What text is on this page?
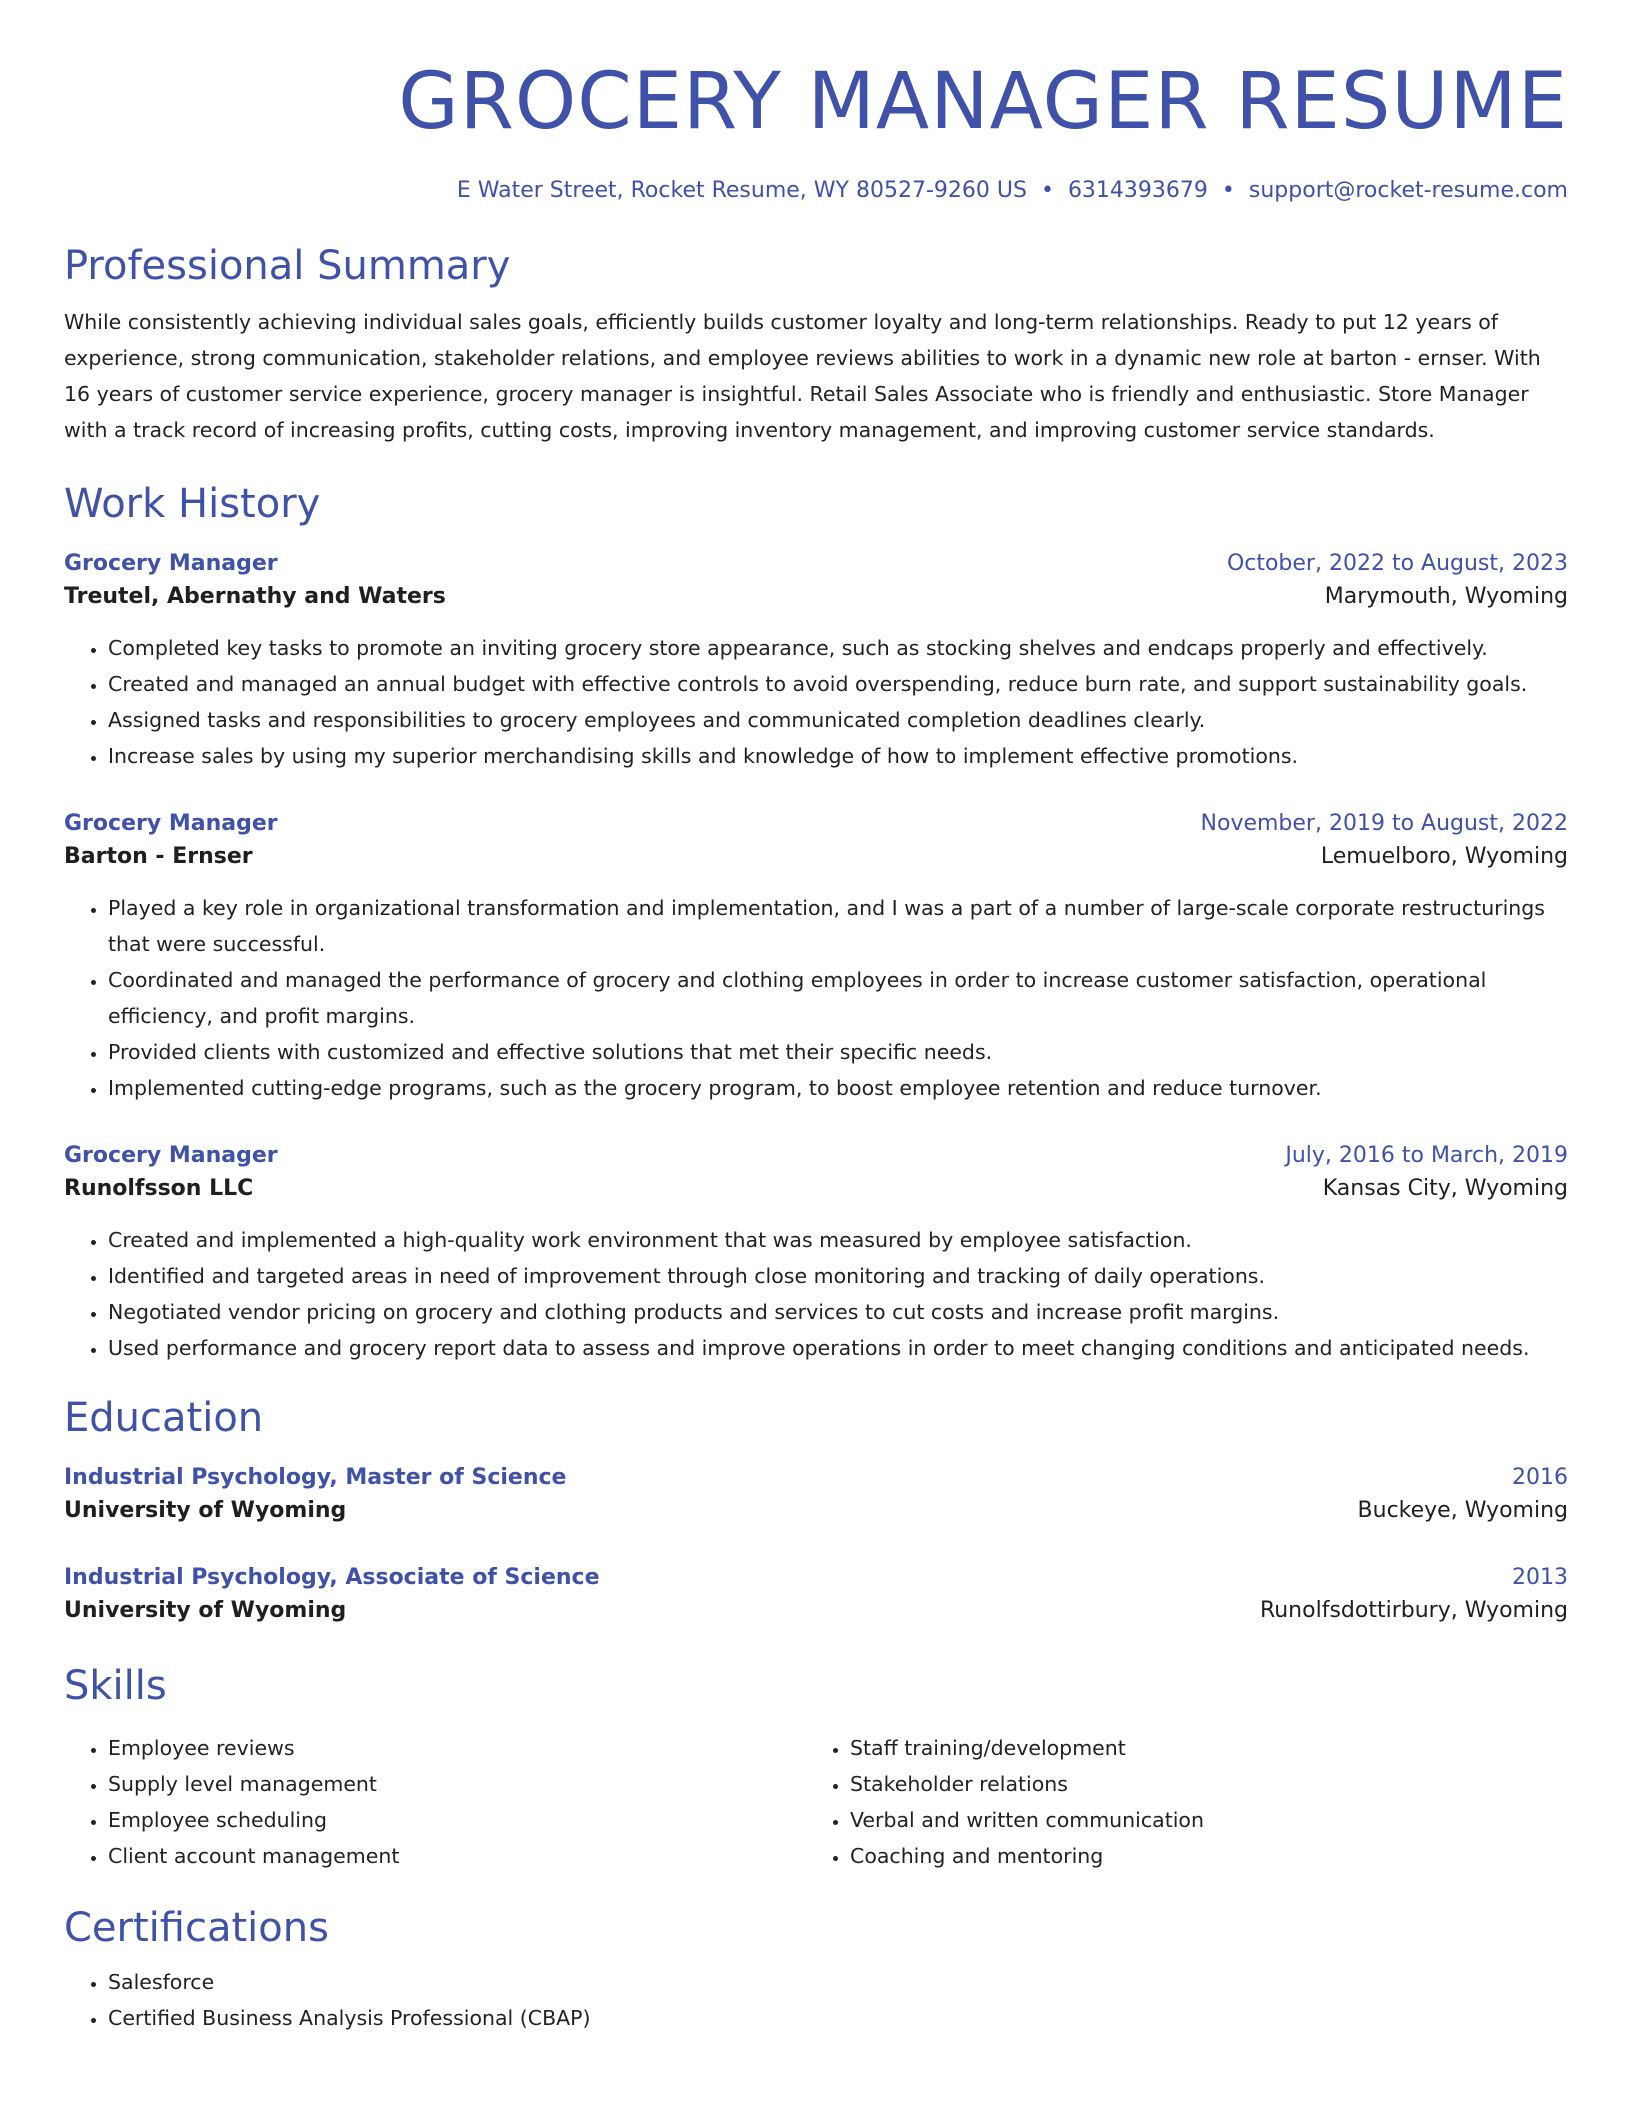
GROCERY MANAGER RESUME
E Water Street, Rocket Resume, WY 80527-9260 US • 6314393679 • support@rocket-resume.com
Professional Summary
While consistently achieving individual sales goals, efficiently builds customer loyalty and long-term relationships. Ready to put 12 years of experience, strong communication, stakeholder relations, and employee reviews abilities to work in a dynamic new role at barton - ernser. With 16 years of customer service experience, grocery manager is insightful. Retail Sales Associate who is friendly and enthusiastic. Store Manager with a track record of increasing profits, cutting costs, improving inventory management, and improving customer service standards.
Work History
Grocery Manager	October, 2022 to August, 2023
Treutel, Abernathy and Waters	Marymouth, Wyoming
• Completed key tasks to promote an inviting grocery store appearance, such as stocking shelves and endcaps properly and effectively.
• Created and managed an annual budget with effective controls to avoid overspending, reduce burn rate, and support sustainability goals.
• Assigned tasks and responsibilities to grocery employees and communicated completion deadlines clearly.
• Increase sales by using my superior merchandising skills and knowledge of how to implement effective promotions.
Grocery Manager	November, 2019 to August, 2022
Barton - Ernser	Lemuelboro, Wyoming
• Played a key role in organizational transformation and implementation, and I was a part of a number of large-scale corporate restructurings that were successful.
• Coordinated and managed the performance of grocery and clothing employees in order to increase customer satisfaction, operational efficiency, and profit margins.
• Provided clients with customized and effective solutions that met their specific needs.
• Implemented cutting-edge programs, such as the grocery program, to boost employee retention and reduce turnover.
Grocery Manager	July, 2016 to March, 2019
Runolfsson LLC	Kansas City, Wyoming
• Created and implemented a high-quality work environment that was measured by employee satisfaction.
• Identified and targeted areas in need of improvement through close monitoring and tracking of daily operations.
• Negotiated vendor pricing on grocery and clothing products and services to cut costs and increase profit margins.
• Used performance and grocery report data to assess and improve operations in order to meet changing conditions and anticipated needs.
Education
Industrial Psychology, Master of Science	2016
University of Wyoming	Buckeye, Wyoming
Industrial Psychology, Associate of Science	2013
University of Wyoming	Runolfsdottirbury, Wyoming
Skills
• Employee reviews
• Supply level management
• Employee scheduling
• Client account management
• Staff training/development
• Stakeholder relations
• Verbal and written communication
• Coaching and mentoring
Certifications
• Salesforce
• Certified Business Analysis Professional (CBAP)
